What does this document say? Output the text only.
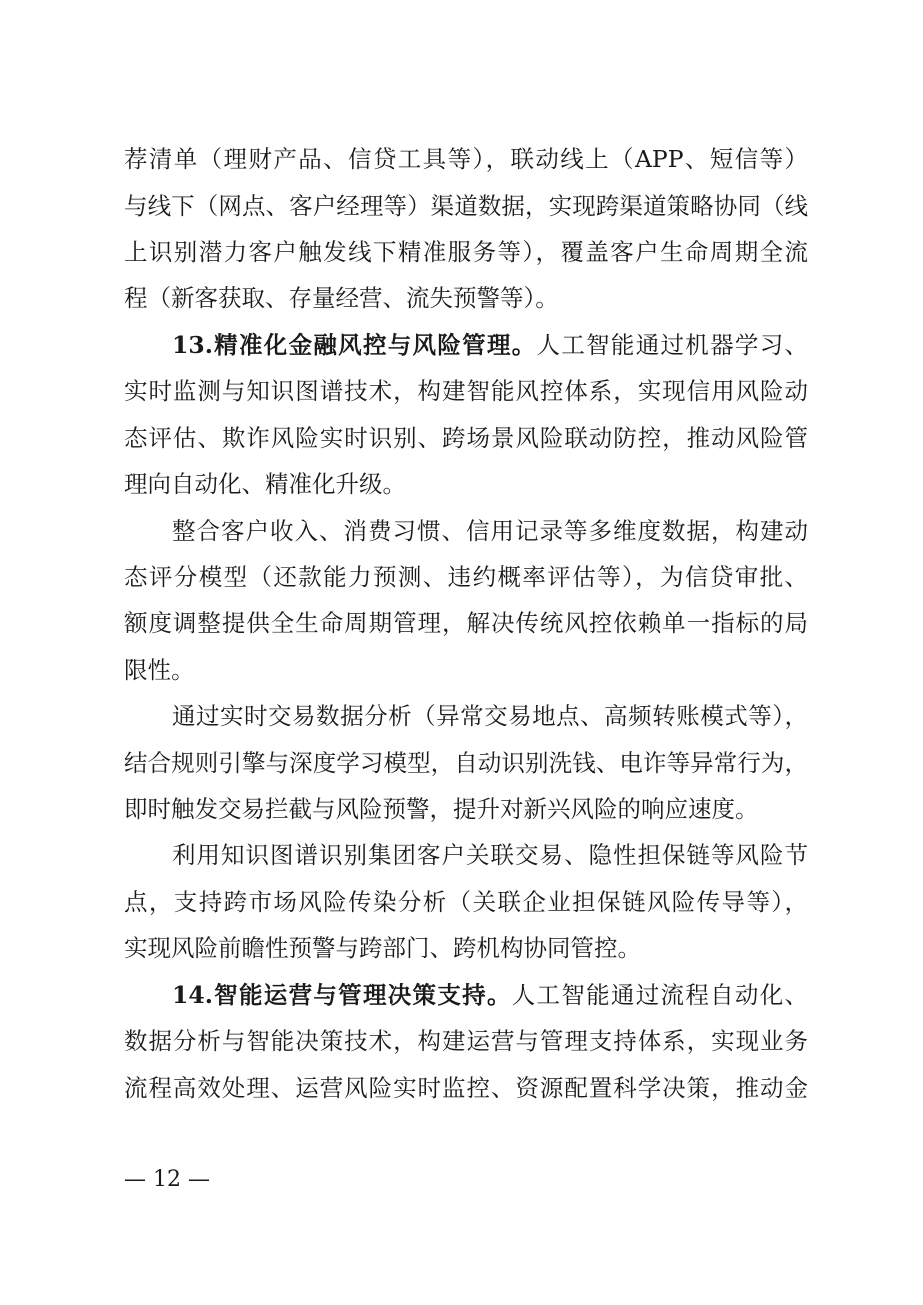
荐清单（理财产品、信贷工具等），联动线上（APP、短信等）
与线下（网点、客户经理等）渠道数据，实现跨渠道策略协同（线
上识别潜力客户触发线下精准服务等），覆盖客户生命周期全流
程（新客获取、存量经营、流失预警等）。
13.精准化金融风控与风险管理。人工智能通过机器学习、
实时监测与知识图谱技术，构建智能风控体系，实现信用风险动
态评估、欺诈风险实时识别、跨场景风险联动防控，推动风险管
理向自动化、精准化升级。
整合客户收入、消费习惯、信用记录等多维度数据，构建动
态评分模型（还款能力预测、违约概率评估等），为信贷审批、
额度调整提供全生命周期管理，解决传统风控依赖单一指标的局
限性。
通过实时交易数据分析（异常交易地点、高频转账模式等），
结合规则引擎与深度学习模型，自动识别洗钱、电诈等异常行为，
即时触发交易拦截与风险预警，提升对新兴风险的响应速度。
利用知识图谱识别集团客户关联交易、隐性担保链等风险节
点，支持跨市场风险传染分析（关联企业担保链风险传导等），
实现风险前瞻性预警与跨部门、跨机构协同管控。
14.智能运营与管理决策支持。人工智能通过流程自动化、
数据分析与智能决策技术，构建运营与管理支持体系，实现业务
流程高效处理、运营风险实时监控、资源配置科学决策，推动金
— 12 —
